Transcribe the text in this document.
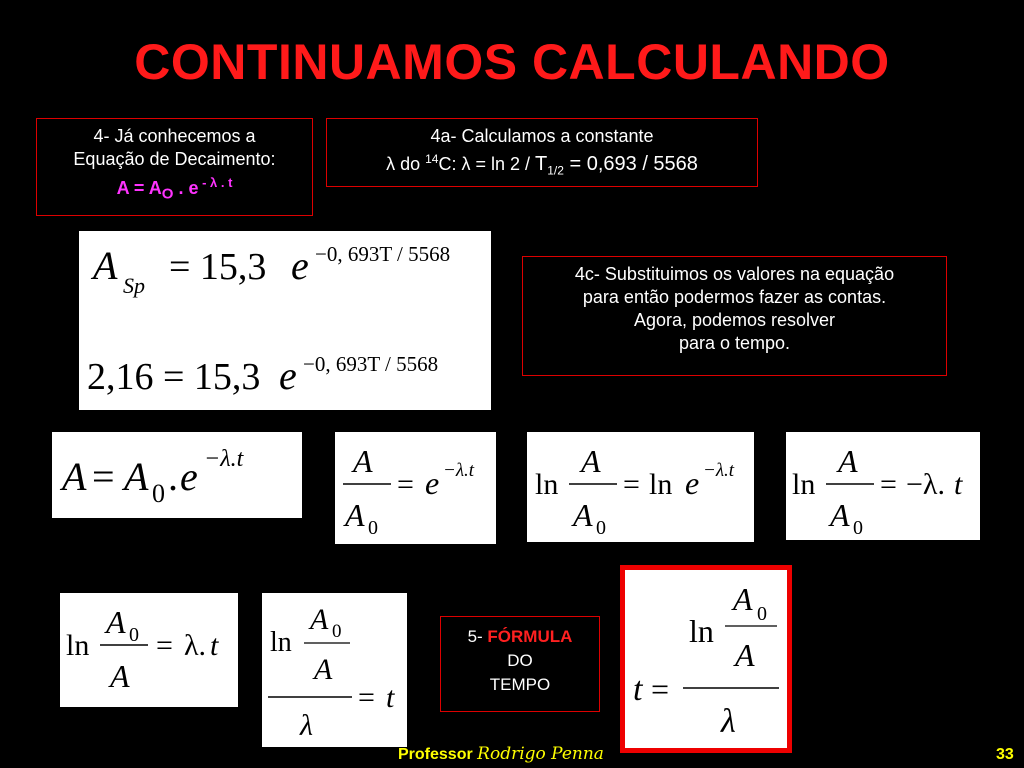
CONTINUAMOS CALCULANDO
4- Já conhecemos a
Equação de Decaimento:
$A = A_O$ . e $^{- \lambda . t}$
4a- Calculamos a constante
λ do $^{14}$C: $\lambda = \ln 2 / T_{1/2} = 0,693 / 5568$
A Sp = 15,3 e −0, 693T / 5568
2,16 = 15,3 e −0, 693T / 5568
4c- Substituimos os valores na equação
para então podermos fazer as contas.
Agora, podemos resolver
para o tempo.
A = A 0 . e −λ.t	A
A 0
= e −λ.t ln
A
A 0
= ln e −λ.t ln
A
A 0
= −λ. t
ln
A 0
A
= λ. t ln
A 0
A
λ
= t
5- FÓRMULA
DO
TEMPO
ln
A 0
A
t =
λ
Professor Rodrigo Penna	33
